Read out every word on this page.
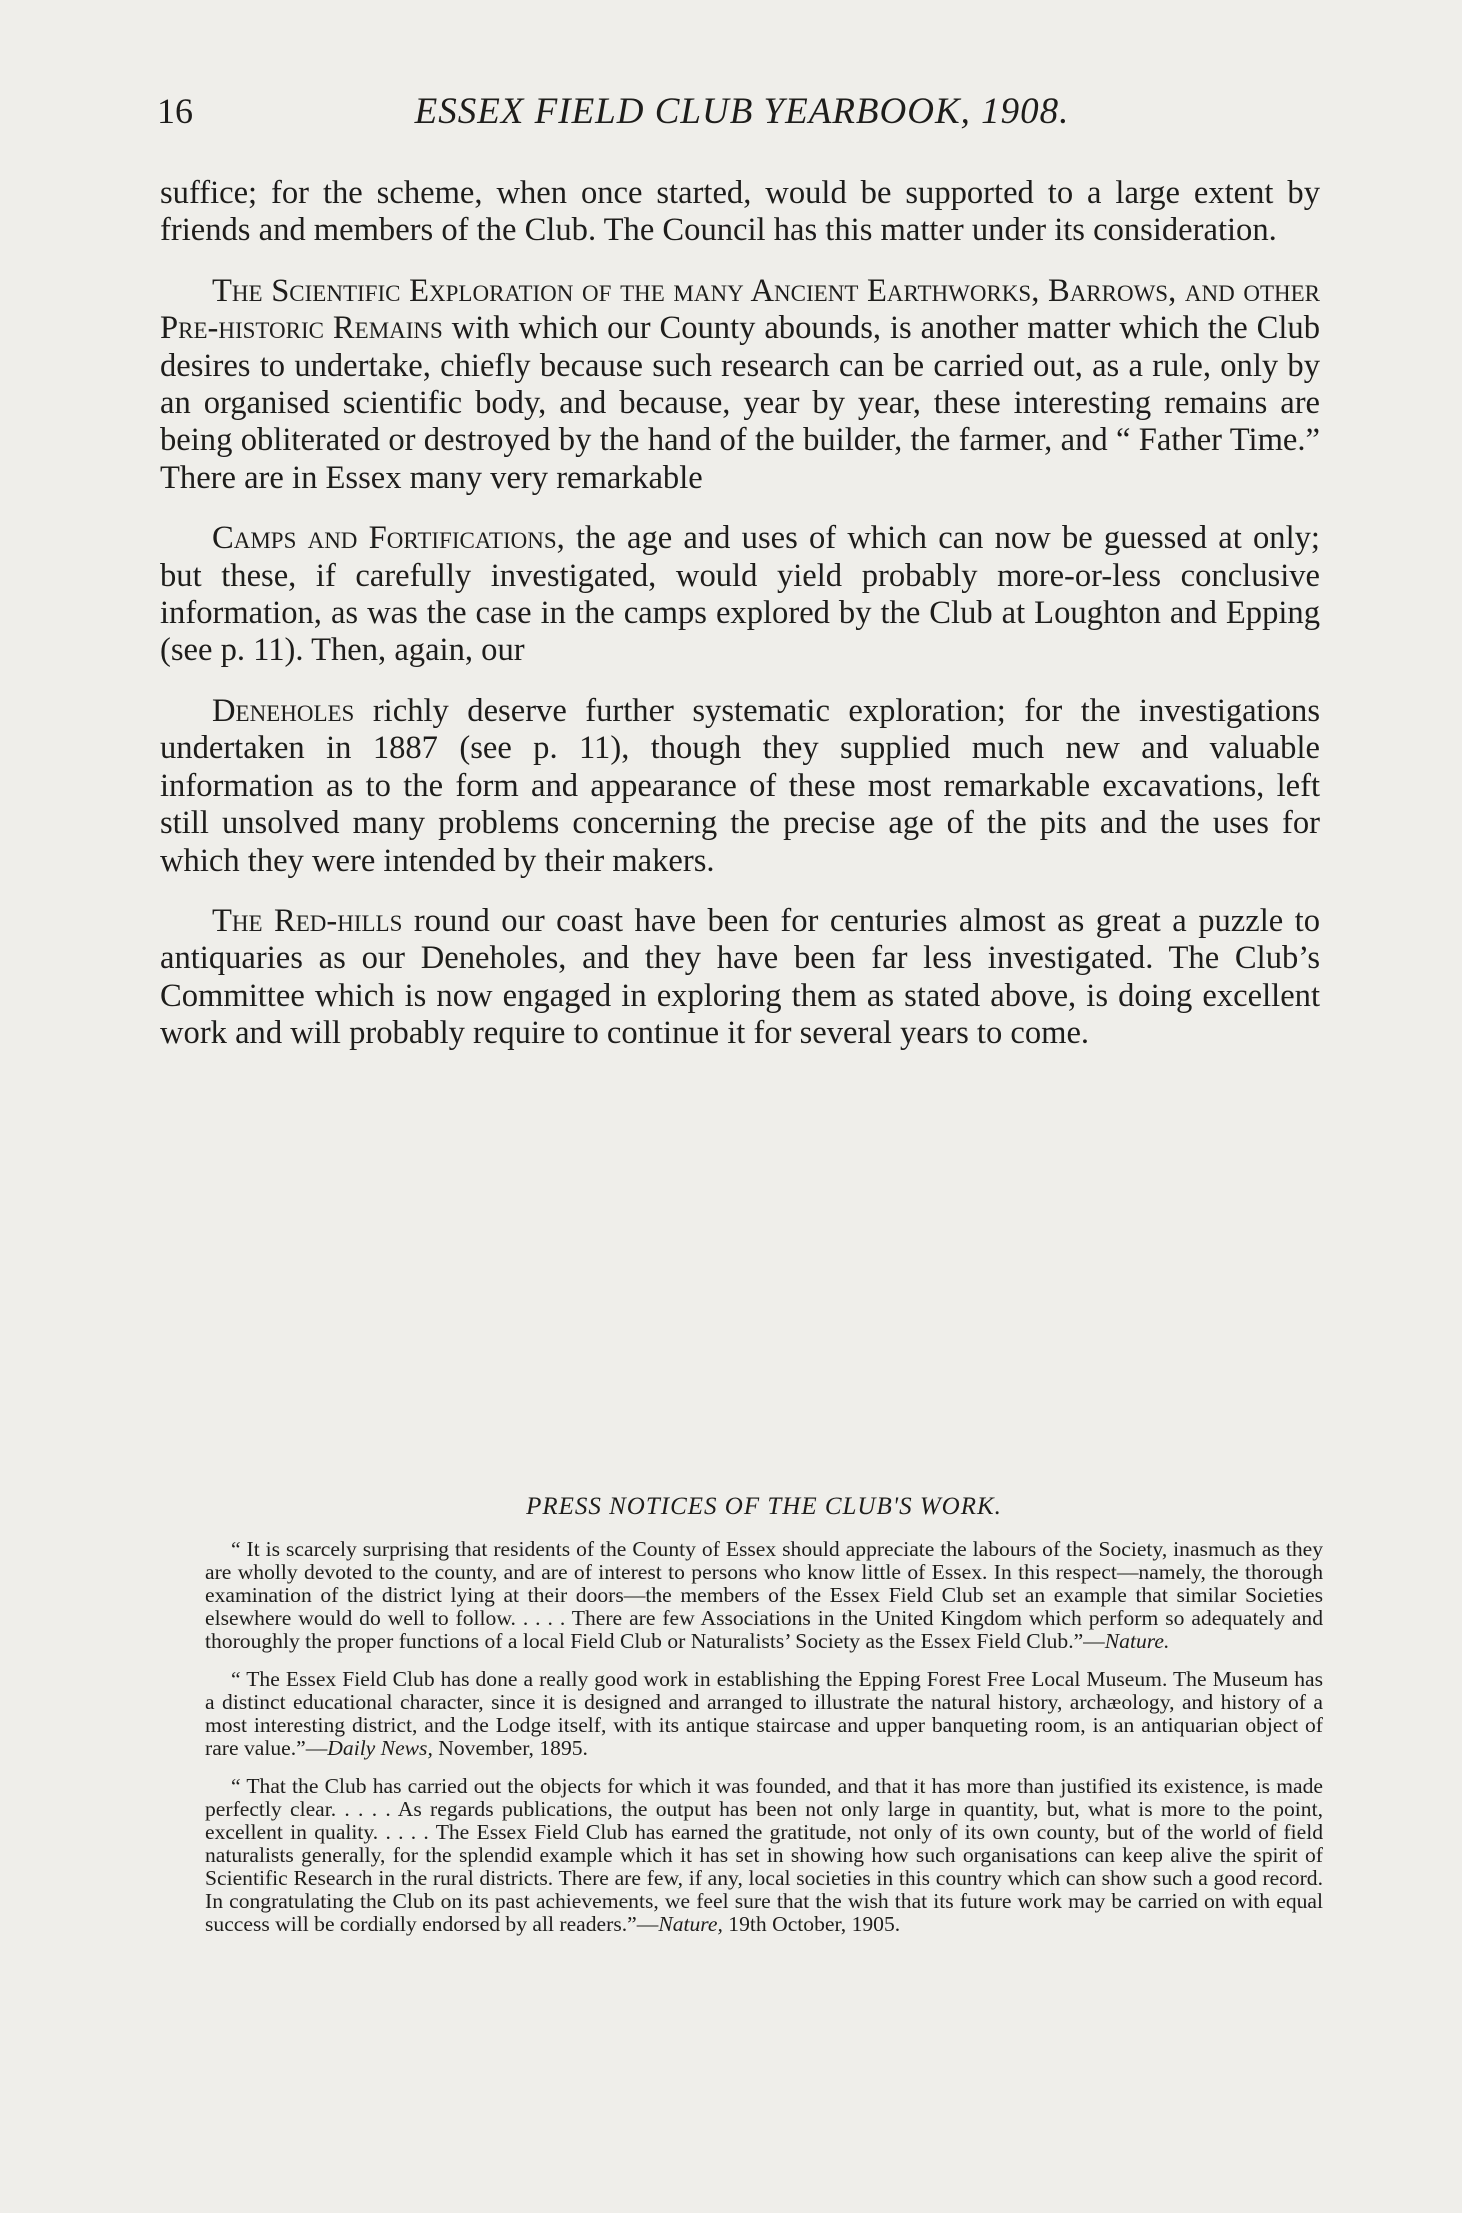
16	ESSEX FIELD CLUB YEARBOOK, 1908.

suffice; for the scheme, when once started, would be supported to a large extent by friends and members of the Club. The Council has this matter under its consideration.

The Scientific Exploration of the many Ancient Earthworks, Barrows, and other Pre-historic Remains with which our County abounds, is another matter which the Club desires to undertake, chiefly because such research can be carried out, as a rule, only by an organised scientific body, and because, year by year, these interesting remains are being obliterated or destroyed by the hand of the builder, the farmer, and “ Father Time.” There are in Essex many very remarkable

Camps and Fortifications, the age and uses of which can now be guessed at only; but these, if carefully investigated, would yield probably more-or-less conclusive information, as was the case in the camps explored by the Club at Loughton and Epping (see p. 11). Then, again, our

Deneholes richly deserve further systematic exploration; for the investigations undertaken in 1887 (see p. 11), though they supplied much new and valuable information as to the form and appearance of these most remarkable excavations, left still unsolved many problems concerning the precise age of the pits and the uses for which they were intended by their makers.

The Red-hills round our coast have been for centuries almost as great a puzzle to antiquaries as our Deneholes, and they have been far less investigated. The Club’s Committee which is now engaged in exploring them as stated above, is doing excellent work and will probably require to continue it for several years to come.

PRESS NOTICES OF THE CLUB'S WORK.

“ It is scarcely surprising that residents of the County of Essex should appreciate the labours of the Society, inasmuch as they are wholly devoted to the county, and are of interest to persons who know little of Essex. In this respect—namely, the thorough examination of the district lying at their doors—the members of the Essex Field Club set an example that similar Societies elsewhere would do well to follow. . . . . There are few Associations in the United Kingdom which perform so adequately and thoroughly the proper functions of a local Field Club or Naturalists’ Society as the Essex Field Club.”—Nature.

“ The Essex Field Club has done a really good work in establishing the Epping Forest Free Local Museum. The Museum has a distinct educational character, since it is designed and arranged to illustrate the natural history, archæology, and history of a most interesting district, and the Lodge itself, with its antique staircase and upper banqueting room, is an antiquarian object of rare value.”—Daily News, November, 1895.

“ That the Club has carried out the objects for which it was founded, and that it has more than justified its existence, is made perfectly clear. . . . . As regards publications, the output has been not only large in quantity, but, what is more to the point, excellent in quality. . . . . The Essex Field Club has earned the gratitude, not only of its own county, but of the world of field naturalists generally, for the splendid example which it has set in showing how such organisations can keep alive the spirit of Scientific Research in the rural districts. There are few, if any, local societies in this country which can show such a good record. In congratulating the Club on its past achievements, we feel sure that the wish that its future work may be carried on with equal success will be cordially endorsed by all readers.”—Nature, 19th October, 1905.
